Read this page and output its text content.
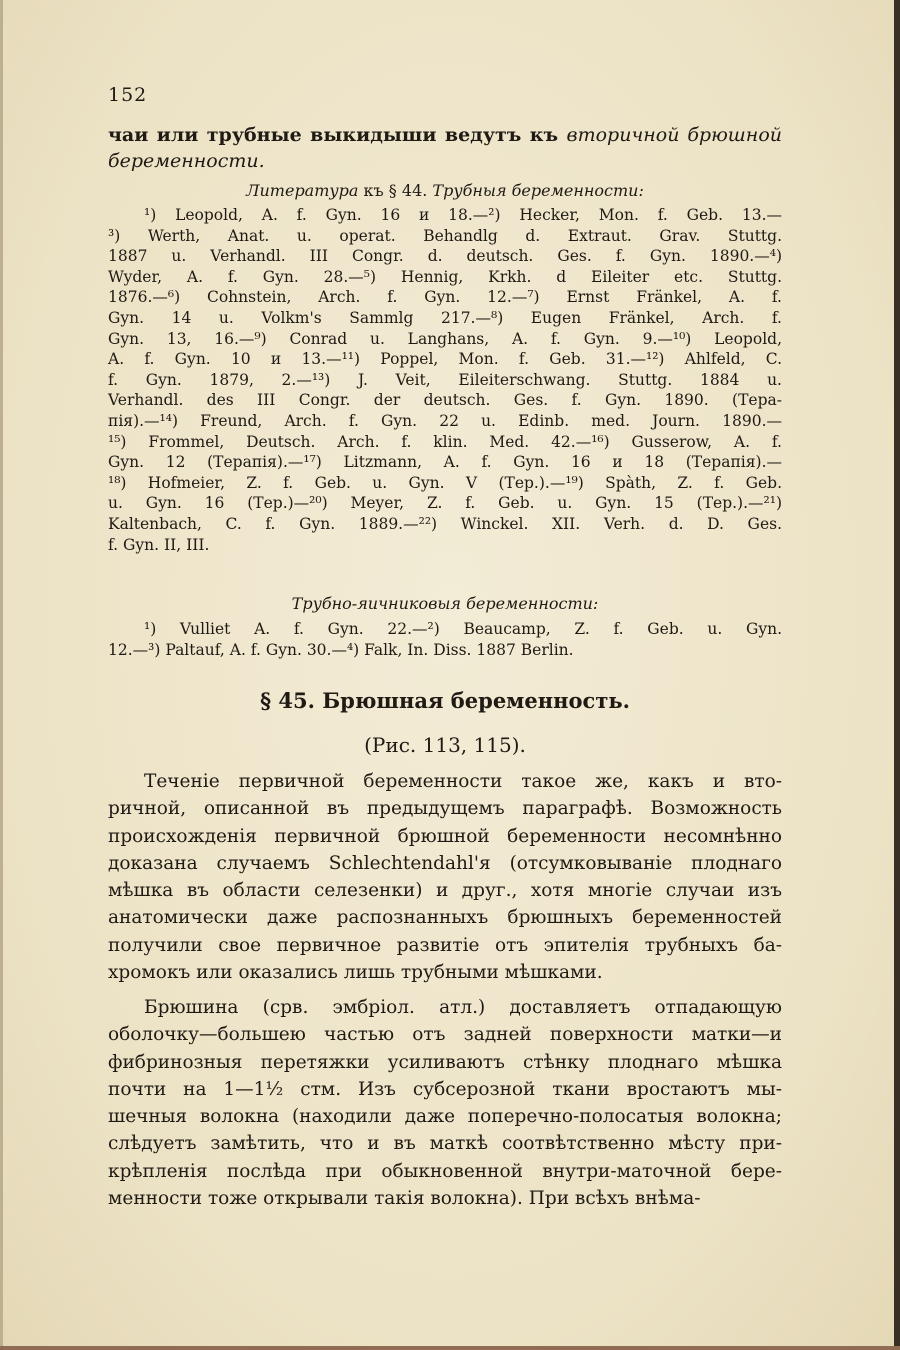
152
чаи или трубные выкидыши ведутъ къ вторичной брюшной
беременности.
Литература къ § 44. Трубныя беременности:
¹) Leopold, A. f. Gyn. 16 и 18.—²) Hecker, Mon. f. Geb. 13.—
³) Werth, Anat. u. operat. Behandlg d. Extraut. Grav. Stuttg.
1887 u. Verhandl. III Congr. d. deutsch. Ges. f. Gyn. 1890.—⁴)
Wyder, A. f. Gyn. 28.—⁵) Hennig, Krkh. d Eileiter etc. Stuttg.
1876.—⁶) Cohnstein, Arch. f. Gyn. 12.—⁷) Ernst Fränkel, A. f.
Gyn. 14 u. Volkm's Sammlg 217.—⁸) Eugen Fränkel, Arch. f.
Gyn. 13, 16.—⁹) Conrad u. Langhans, A. f. Gyn. 9.—¹⁰) Leopold,
A. f. Gyn. 10 и 13.—¹¹) Poppel, Mon. f. Geb. 31.—¹²) Ahlfeld, C.
f. Gyn. 1879, 2.—¹³) J. Veit, Eileiterschwang. Stuttg. 1884 u.
Verhandl. des III Congr. der deutsch. Ges. f. Gyn. 1890. (Тера-
пія).—¹⁴) Freund, Arch. f. Gyn. 22 u. Edinb. med. Journ. 1890.—
¹⁵) Frommel, Deutsch. Arch. f. klin. Med. 42.—¹⁶) Gusserow, A. f.
Gyn. 12 (Терапія).—¹⁷) Litzmann, A. f. Gyn. 16 и 18 (Терапія).—
¹⁸) Hofmeier, Z. f. Geb. u. Gyn. V (Тер.).—¹⁹) Spàth, Z. f. Geb.
u. Gyn. 16 (Тер.)—²⁰) Meyer, Z. f. Geb. u. Gyn. 15 (Тер.).—²¹)
Kaltenbach, C. f. Gyn. 1889.—²²) Winckel. XII. Verh. d. D. Ges.
f. Gyn. II, III.
Трубно-яичниковыя беременности:
¹) Vulliet A. f. Gyn. 22.—²) Beaucamp, Z. f. Geb. u. Gyn.
12.—³) Paltauf, A. f. Gyn. 30.—⁴) Falk, In. Diss. 1887 Berlin.
§ 45. Брюшная беременность.
(Рис. 113, 115).
Теченіе первичной беременности такое же, какъ и вто-
ричной, описанной въ предыдущемъ параграфѣ. Возможность
происхожденія первичной брюшной беременности несомнѣнно
доказана случаемъ Schlechtendahl'я (отсумковываніе плоднаго
мѣшка въ области селезенки) и друг., хотя многіе случаи изъ
анатомически даже распознанныхъ брюшныхъ беременностей
получили свое первичное развитіе отъ эпителія трубныхъ ба-
хромокъ или оказались лишь трубными мѣшками.
Брюшина (срв. эмбріол. атл.) доставляетъ отпадающую
оболочку—большею частью отъ задней поверхности матки—и
фибринозныя перетяжки усиливаютъ стѣнку плоднаго мѣшка
почти на 1—1½ стм. Изъ субсерозной ткани вростаютъ мы-
шечныя волокна (находили даже поперечно-полосатыя волокна;
слѣдуетъ замѣтить, что и въ маткѣ соотвѣтственно мѣсту при-
крѣпленія послѣда при обыкновенной внутри-маточной бере-
менности тоже открывали такія волокна). При всѣхъ внѣма-
